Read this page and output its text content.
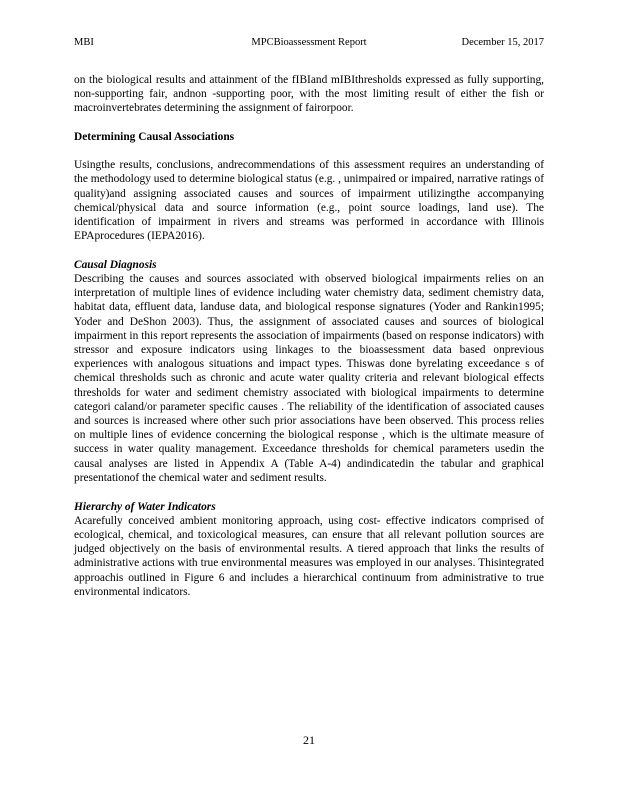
MBI	MPCBioassessment Report	December 15, 2017

on the biological results and attainment of the fIBIand mIBIthresholds expressed as fully supporting, non-supporting fair, andnon -supporting poor, with the most limiting result of either the fish or macroinvertebrates determining the assignment of fairorpoor.

Determining Causal Associations

Usingthe results, conclusions, andrecommendations of this assessment requires an understanding of the methodology used to determine biological status (e.g. , unimpaired or impaired, narrative ratings of quality)and assigning associated causes and sources of impairment utilizingthe accompanying chemical/physical data and source information (e.g., point source loadings, land use). The identification of impairment in rivers and streams was performed in accordance with Illinois EPAprocedures (IEPA2016).

Causal Diagnosis

Describing the causes and sources associated with observed biological impairments relies on an interpretation of multiple lines of evidence including water chemistry data, sediment chemistry data, habitat data, effluent data, landuse data, and biological response signatures (Yoder and Rankin1995; Yoder and DeShon 2003). Thus, the assignment of associated causes and sources of biological impairment in this report represents the association of impairments (based on response indicators) with stressor and exposure indicators using linkages to the bioassessment data based onprevious experiences with analogous situations and impact types. Thiswas done byrelating exceedance s of chemical thresholds such as chronic and acute water quality criteria and relevant biological effects thresholds for water and sediment chemistry associated with biological impairments to determine categori caland/or parameter specific causes . The reliability of the identification of associated causes and sources is increased where other such prior associations have been observed. This process relies on multiple lines of evidence concerning the biological response , which is the ultimate measure of success in water quality management. Exceedance thresholds for chemical parameters usedin the causal analyses are listed in Appendix A (Table A-4) andindicatedin the tabular and graphical presentationof the chemical water and sediment results.

Hierarchy of Water Indicators

Acarefully conceived ambient monitoring approach, using cost- effective indicators comprised of ecological, chemical, and toxicological measures, can ensure that all relevant pollution sources are judged objectively on the basis of environmental results. A tiered approach that links the results of administrative actions with true environmental measures was employed in our analyses. Thisintegrated approachis outlined in Figure 6 and includes a hierarchical continuum from administrative to true environmental indicators.

21
